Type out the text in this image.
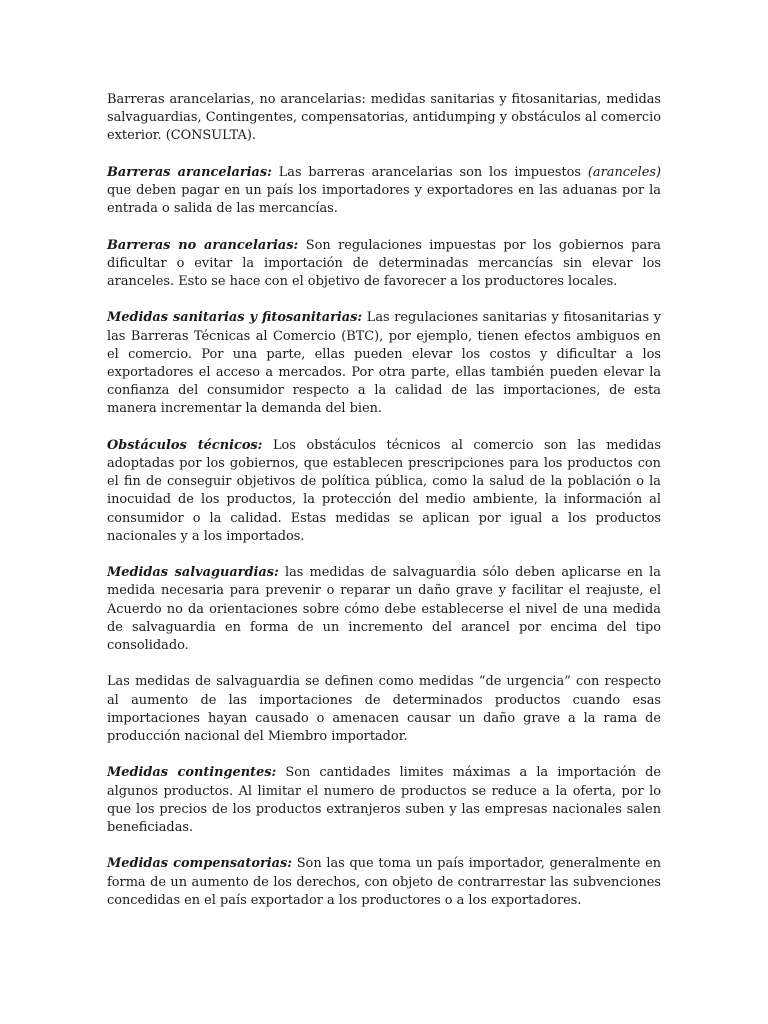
Barreras arancelarias, no arancelarias: medidas sanitarias y fitosanitarias, medidas salvaguardias, Contingentes, compensatorias, antidumping y obstáculos al comercio exterior. (CONSULTA).

Barreras arancelarias: Las barreras arancelarias son los impuestos (aranceles) que deben pagar en un país los importadores y exportadores en las aduanas por la entrada o salida de las mercancías.

Barreras no arancelarias: Son regulaciones impuestas por los gobiernos para dificultar o evitar la importación de determinadas mercancías sin elevar los aranceles. Esto se hace con el objetivo de favorecer a los productores locales.

Medidas sanitarias y fitosanitarias: Las regulaciones sanitarias y fitosanitarias y las Barreras Técnicas al Comercio (BTC), por ejemplo, tienen efectos ambiguos en el comercio. Por una parte, ellas pueden elevar los costos y dificultar a los exportadores el acceso a mercados. Por otra parte, ellas también pueden elevar la confianza del consumidor respecto a la calidad de las importaciones, de esta manera incrementar la demanda del bien.

Obstáculos técnicos: Los obstáculos técnicos al comercio son las medidas adoptadas por los gobiernos, que establecen prescripciones para los productos con el fin de conseguir objetivos de política pública, como la salud de la población o la inocuidad de los productos, la protección del medio ambiente, la información al consumidor o la calidad. Estas medidas se aplican por igual a los productos nacionales y a los importados.

Medidas salvaguardias: las medidas de salvaguardia sólo deben aplicarse en la medida necesaria para prevenir o reparar un daño grave y facilitar el reajuste, el Acuerdo no da orientaciones sobre cómo debe establecerse el nivel de una medida de salvaguardia en forma de un incremento del arancel por encima del tipo consolidado.

Las medidas de salvaguardia se definen como medidas “de urgencia” con respecto al aumento de las importaciones de determinados productos cuando esas importaciones hayan causado o amenacen causar un daño grave a la rama de producción nacional del Miembro importador.

Medidas contingentes: Son cantidades limites máximas a la importación de algunos productos. Al limitar el numero de productos se reduce a la oferta, por lo que los precios de los productos extranjeros suben y las empresas nacionales salen beneficiadas.

Medidas compensatorias: Son las que toma un país importador, generalmente en forma de un aumento de los derechos, con objeto de contrarrestar las subvenciones concedidas en el país exportador a los productores o a los exportadores.
